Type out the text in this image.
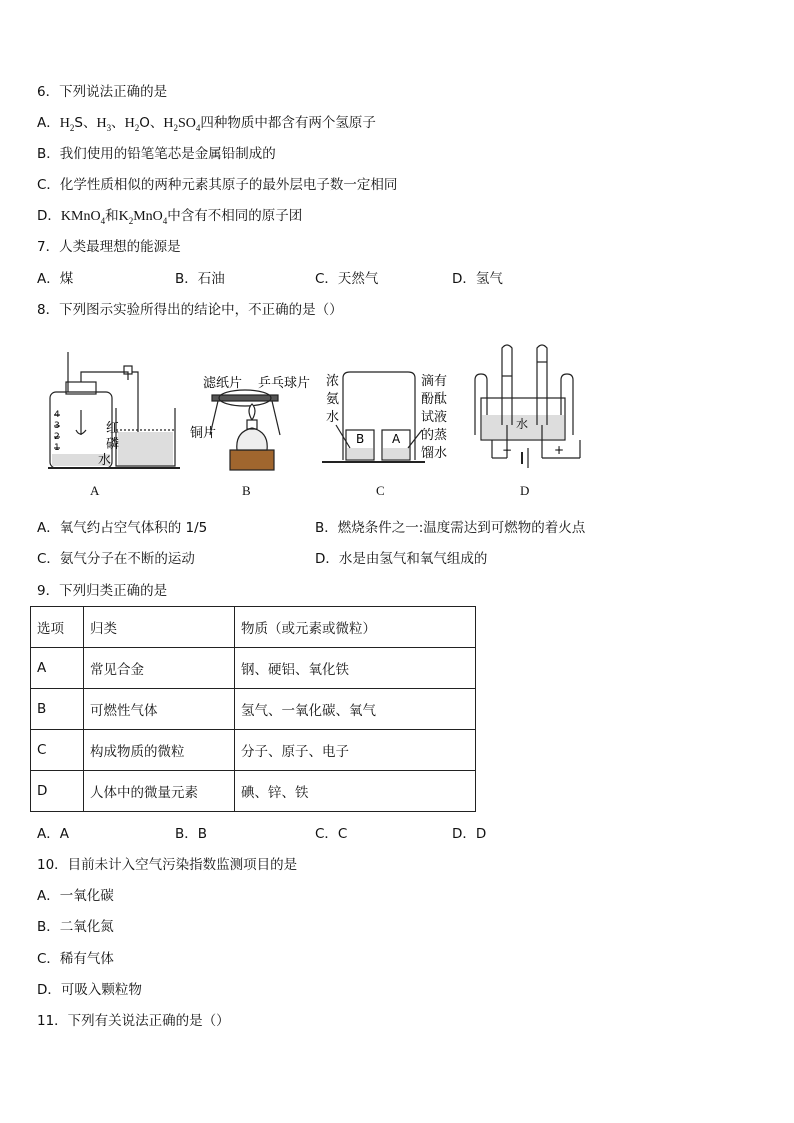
6．下列说法正确的是
A．$H_2S$、$H_3$、$H_2O$、$H_2SO_4$四种物质中都含有两个氢原子
B．我们使用的铅笔笔芯是金属铅制成的
C．化学性质相似的两种元素其原子的最外层电子数一定相同
D．KMnO$_4$和$K_2MnO_4$中含有不相同的原子团
7．人类最理想的能源是
A．煤	B．石油	C．天然气	D．氢气
8．下列图示实验所得出的结论中，不正确的是（）
4
3
2
1
红
磷
水
滤纸片 乒乓球片
铜片
浓
氨
水
滴有
酚酞
试液
的蒸
馏水
B A
水
−	+
A	B	C	D
A．氧气约占空气体积的 1/5	B．燃烧条件之一:温度需达到可燃物的着火点
C．氨气分子在不断的运动	D．水是由氢气和氧气组成的
9．下列归类正确的是
选项	归类	物质（或元素或微粒）
A	常见合金	钢、硬铝、氧化铁
B	可燃性气体	氢气、一氧化碳、氧气
C	构成物质的微粒	分子、原子、电子
D	人体中的微量元素	碘、锌、铁
A．A	B．B	C．C	D．D
10．目前未计入空气污染指数监测项目的是
A．一氧化碳
B．二氧化氮
C．稀有气体
D．可吸入颗粒物
11．下列有关说法正确的是（）
